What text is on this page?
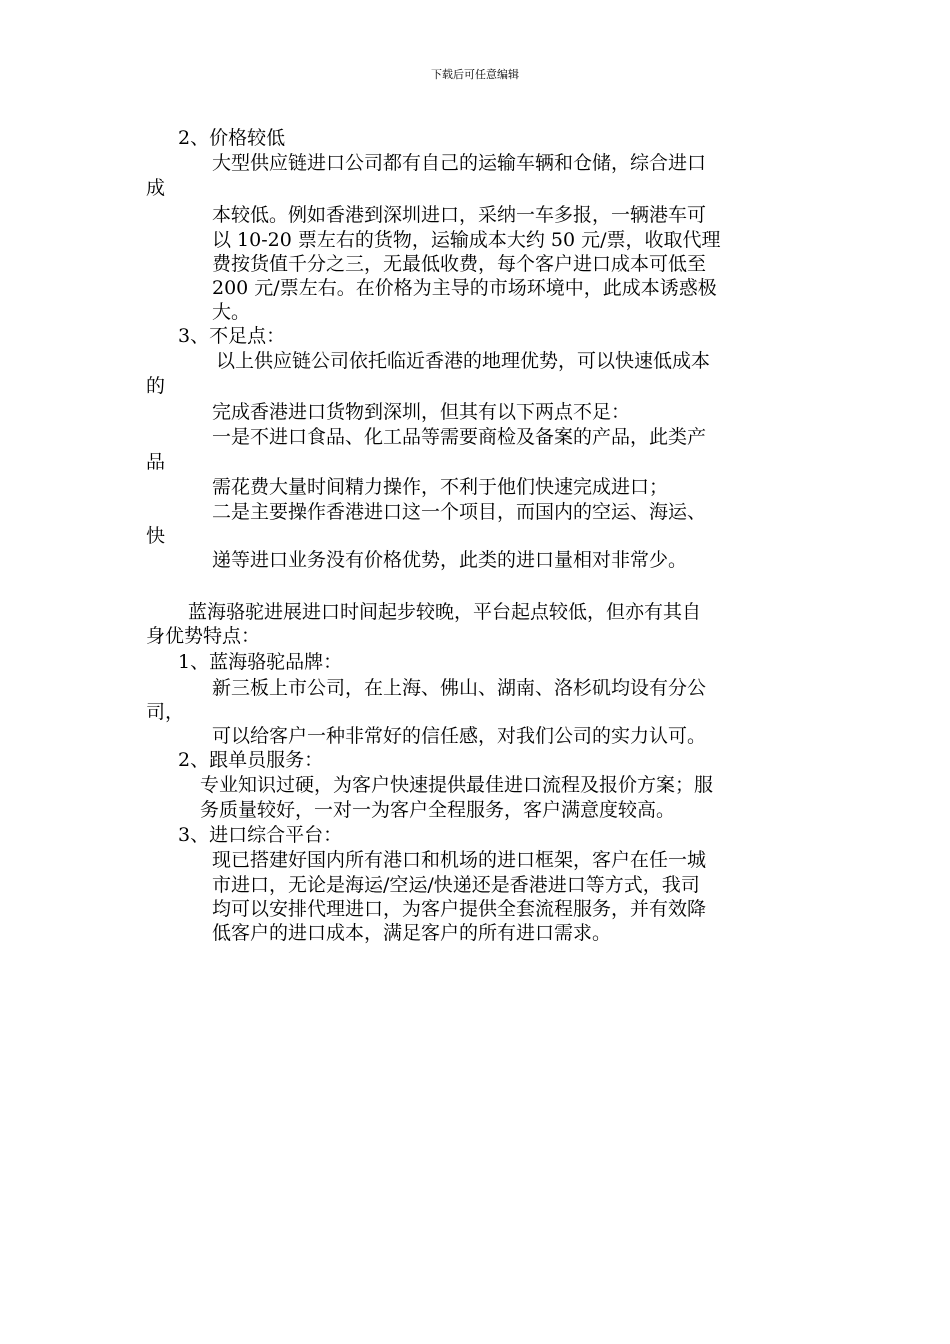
下载后可任意编辑
2、价格较低
大型供应链进口公司都有自己的运输车辆和仓储，综合进口
成
本较低。例如香港到深圳进口，采纳一车多报，一辆港车可
以 10-20 票左右的货物，运输成本大约 50 元/票，收取代理
费按货值千分之三，无最低收费，每个客户进口成本可低至
200 元/票左右。在价格为主导的市场环境中，此成本诱惑极
大。
3、不足点：
以上供应链公司依托临近香港的地理优势，可以快速低成本
的
完成香港进口货物到深圳，但其有以下两点不足：
一是不进口食品、化工品等需要商检及备案的产品，此类产
品
需花费大量时间精力操作，不利于他们快速完成进口；
二是主要操作香港进口这一个项目，而国内的空运、海运、
快
递等进口业务没有价格优势，此类的进口量相对非常少。
蓝海骆驼进展进口时间起步较晚，平台起点较低，但亦有其自
身优势特点：
1、蓝海骆驼品牌：
新三板上市公司，在上海、佛山、湖南、洛杉矶均设有分公
司，
可以给客户一种非常好的信任感，对我们公司的实力认可。
2、跟单员服务：
专业知识过硬，为客户快速提供最佳进口流程及报价方案；服
务质量较好，一对一为客户全程服务，客户满意度较高。
3、进口综合平台：
现已搭建好国内所有港口和机场的进口框架，客户在任一城
市进口，无论是海运/空运/快递还是香港进口等方式，我司
均可以安排代理进口，为客户提供全套流程服务，并有效降
低客户的进口成本，满足客户的所有进口需求。
